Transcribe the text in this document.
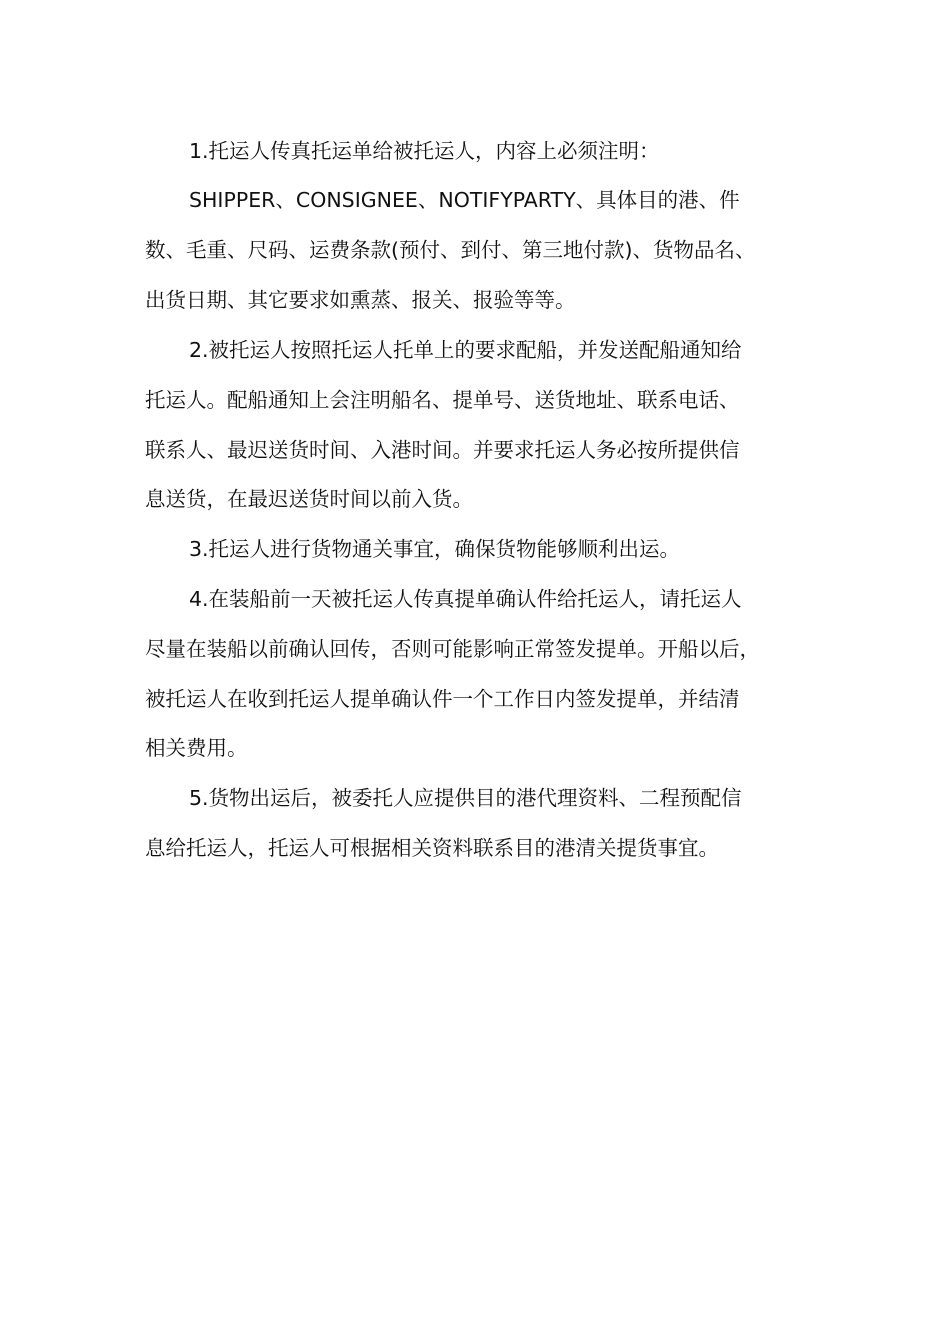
1.托运人传真托运单给被托运人，内容上必须注明：
SHIPPER、CONSIGNEE、NOTIFYPARTY、具体目的港、件
数、毛重、尺码、运费条款(预付、到付、第三地付款)、货物品名、
出货日期、其它要求如熏蒸、报关、报验等等。
2.被托运人按照托运人托单上的要求配船，并发送配船通知给
托运人。配船通知上会注明船名、提单号、送货地址、联系电话、
联系人、最迟送货时间、入港时间。并要求托运人务必按所提供信
息送货，在最迟送货时间以前入货。
3.托运人进行货物通关事宜，确保货物能够顺利出运。
4.在装船前一天被托运人传真提单确认件给托运人，请托运人
尽量在装船以前确认回传，否则可能影响正常签发提单。开船以后，
被托运人在收到托运人提单确认件一个工作日内签发提单，并结清
相关费用。
5.货物出运后，被委托人应提供目的港代理资料、二程预配信
息给托运人，托运人可根据相关资料联系目的港清关提货事宜。
